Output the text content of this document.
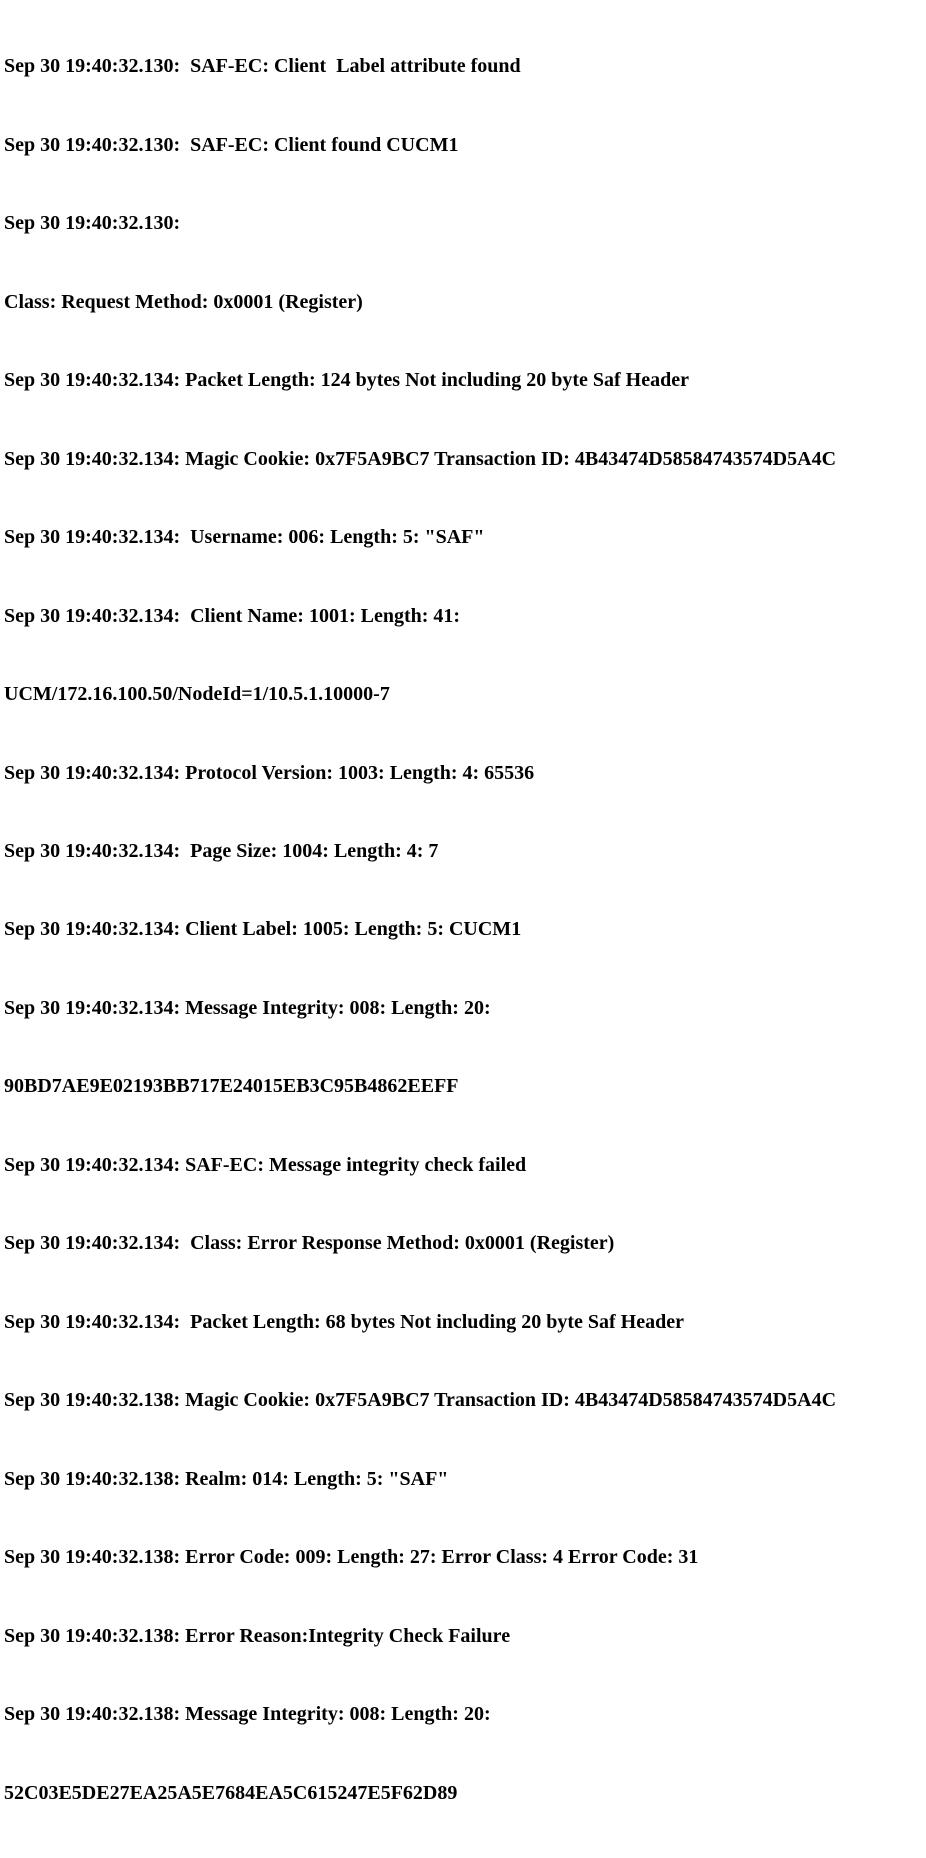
Sep 30 19:40:32.130:  SAF-EC: Client  Label attribute found

Sep 30 19:40:32.130:  SAF-EC: Client found CUCM1

Sep 30 19:40:32.130:

Class: Request Method: 0x0001 (Register)

Sep 30 19:40:32.134: Packet Length: 124 bytes Not including 20 byte Saf Header

Sep 30 19:40:32.134: Magic Cookie: 0x7F5A9BC7 Transaction ID: 4B43474D58584743574D5A4C

Sep 30 19:40:32.134:  Username: 006: Length: 5: "SAF"

Sep 30 19:40:32.134:  Client Name: 1001: Length: 41:

UCM/172.16.100.50/NodeId=1/10.5.1.10000-7

Sep 30 19:40:32.134: Protocol Version: 1003: Length: 4: 65536

Sep 30 19:40:32.134:  Page Size: 1004: Length: 4: 7

Sep 30 19:40:32.134: Client Label: 1005: Length: 5: CUCM1

Sep 30 19:40:32.134: Message Integrity: 008: Length: 20:

90BD7AE9E02193BB717E24015EB3C95B4862EEFF

Sep 30 19:40:32.134: SAF-EC: Message integrity check failed

Sep 30 19:40:32.134:  Class: Error Response Method: 0x0001 (Register)

Sep 30 19:40:32.134:  Packet Length: 68 bytes Not including 20 byte Saf Header

Sep 30 19:40:32.138: Magic Cookie: 0x7F5A9BC7 Transaction ID: 4B43474D58584743574D5A4C

Sep 30 19:40:32.138: Realm: 014: Length: 5: "SAF"

Sep 30 19:40:32.138: Error Code: 009: Length: 27: Error Class: 4 Error Code: 31

Sep 30 19:40:32.138: Error Reason:Integrity Check Failure

Sep 30 19:40:32.138: Message Integrity: 008: Length: 20:

52C03E5DE27EA25A5E7684EA5C615247E5F62D89
